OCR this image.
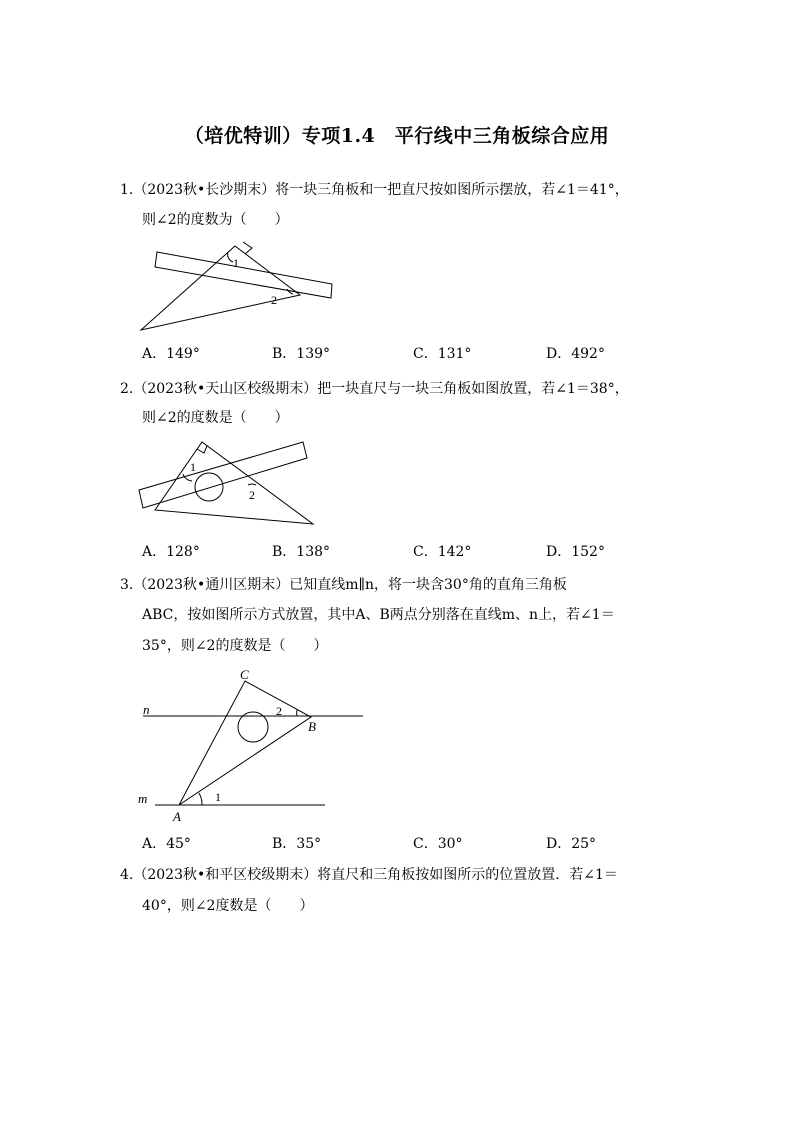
（培优特训）专项1.4　平行线中三角板综合应用
1.（2023秋•长沙期末）将一块三角板和一把直尺按如图所示摆放，若∠1＝41°，
则∠2的度数为（　　）
1
2
A．149°	B．139°	C．131°	D．492°
2.（2023秋•天山区校级期末）把一块直尺与一块三角板如图放置，若∠1＝38°，
则∠2的度数是（　　）
1
2
A．128°	B．138°	C．142°	D．152°
3.（2023秋•通川区期末）已知直线m∥n，将一块含30°角的直角三角板
ABC，按如图所示方式放置，其中A、B两点分别落在直线m、n上，若∠1＝
35°，则∠2的度数是（　　）
C
B
A
n
m	1
2
A．45°	B．35°	C．30°	D．25°
4.（2023秋•和平区校级期末）将直尺和三角板按如图所示的位置放置．若∠1＝
40°，则∠2度数是（　　）
